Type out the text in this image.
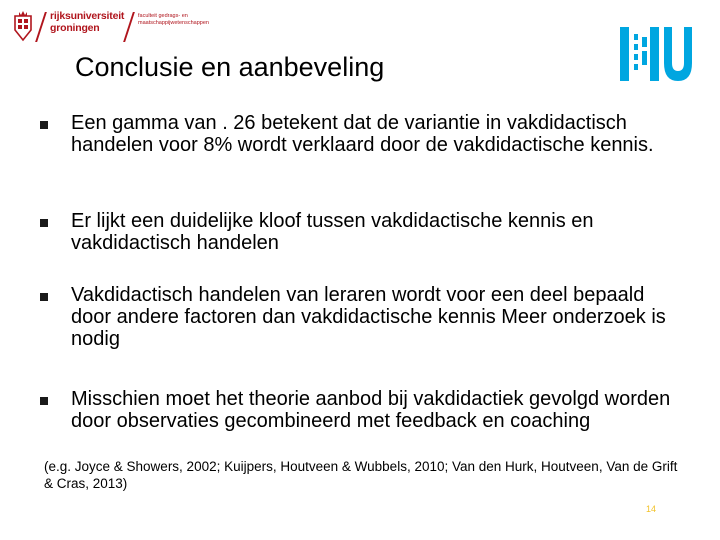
rijksuniversiteit
groningen
faculteit gedrags- en
maatschappijwetenschappen
Conclusie en aanbeveling
Een gamma van . 26 betekent dat de variantie in vakdidactisch handelen voor 8% wordt verklaard door de vakdidactische kennis.
Er lijkt een duidelijke kloof tussen vakdidactische kennis en vakdidactisch handelen
Vakdidactisch handelen van leraren wordt voor een deel bepaald door andere factoren dan vakdidactische kennis Meer onderzoek is nodig
Misschien moet het theorie aanbod bij vakdidactiek gevolgd worden door observaties gecombineerd met feedback en coaching
(e.g. Joyce & Showers, 2002; Kuijpers, Houtveen & Wubbels, 2010; Van den Hurk, Houtveen, Van de Grift & Cras, 2013)
14
